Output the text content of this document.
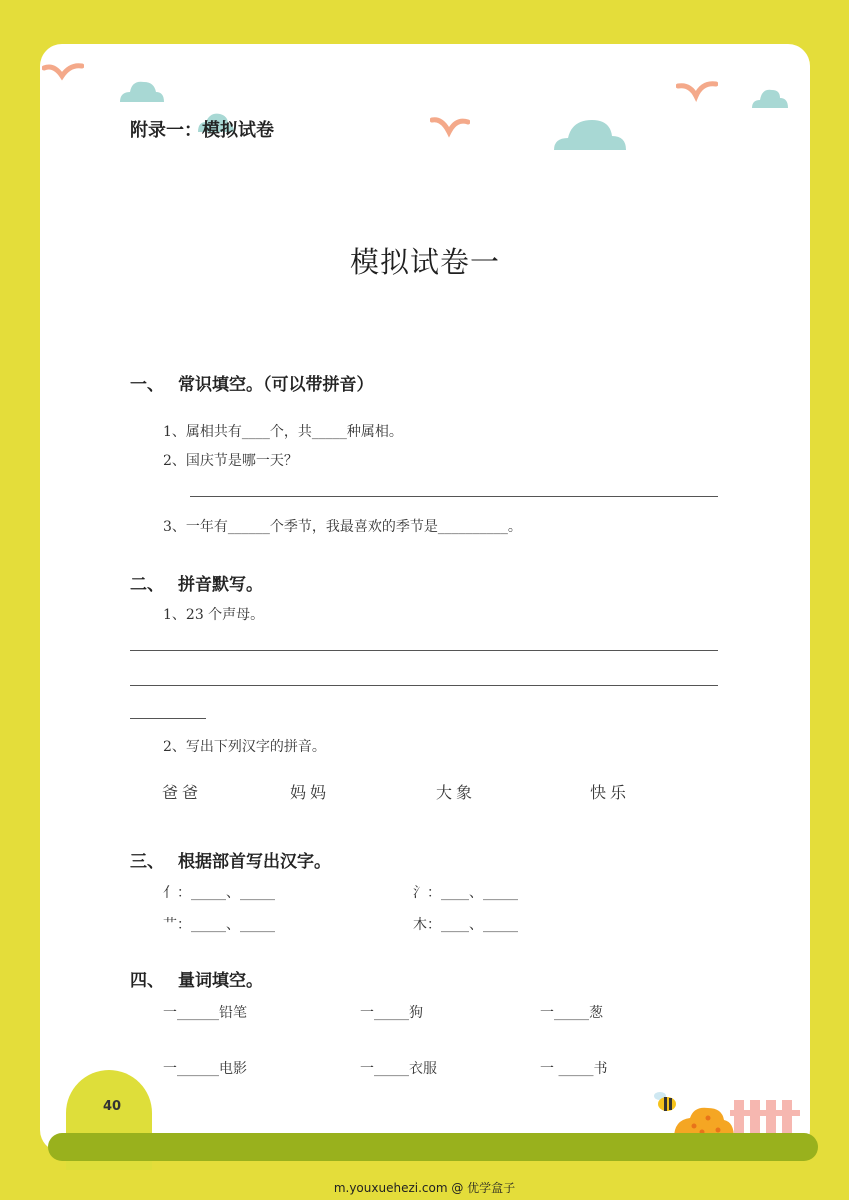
附录一：模拟试卷
模拟试卷一
一、 常识填空。（可以带拼音）
1、属相共有____个，共_____种属相。
2、国庆节是哪一天？
3、一年有______个季节，我最喜欢的季节是__________。
二、 拼音默写。
1、23 个声母。
2、写出下列汉字的拼音。
爸爸	妈妈	大象	快乐
三、 根据部首写出汉字。
亻：_____、_____	氵：____、_____
艹：_____、_____	木：____、_____
四、 量词填空。
一______铅笔	一_____狗	一_____葱
一______电影	一_____衣服	一 _____书
40
m.youxuehezi.com @ 优学盒子
